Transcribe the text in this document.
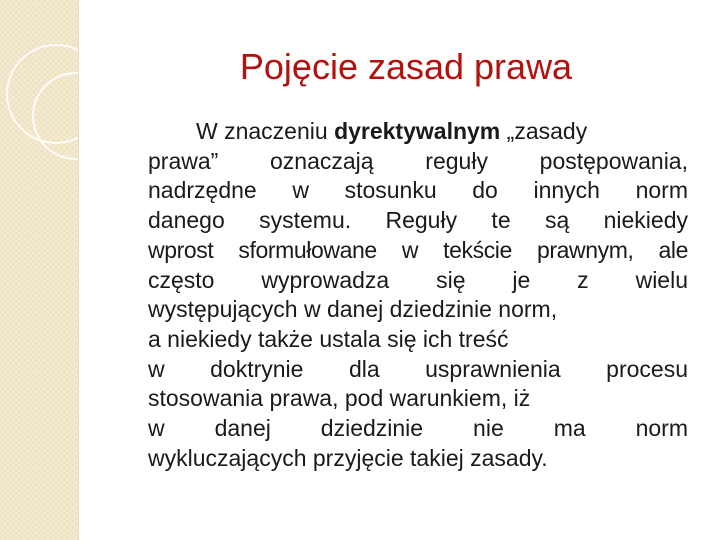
Pojęcie zasad prawa
W znaczeniu dyrektywalnym „zasady
prawa” oznaczają reguły postępowania,
nadrzędne w stosunku do innych norm
danego systemu. Reguły te są niekiedy
wprost sformułowane w tekście prawnym, ale
często wyprowadza się je z wielu
występujących w danej dziedzinie norm,
a niekiedy także ustala się ich treść
w doktrynie dla usprawnienia procesu
stosowania prawa, pod warunkiem, iż
w danej dziedzinie nie ma norm
wykluczających przyjęcie takiej zasady.
